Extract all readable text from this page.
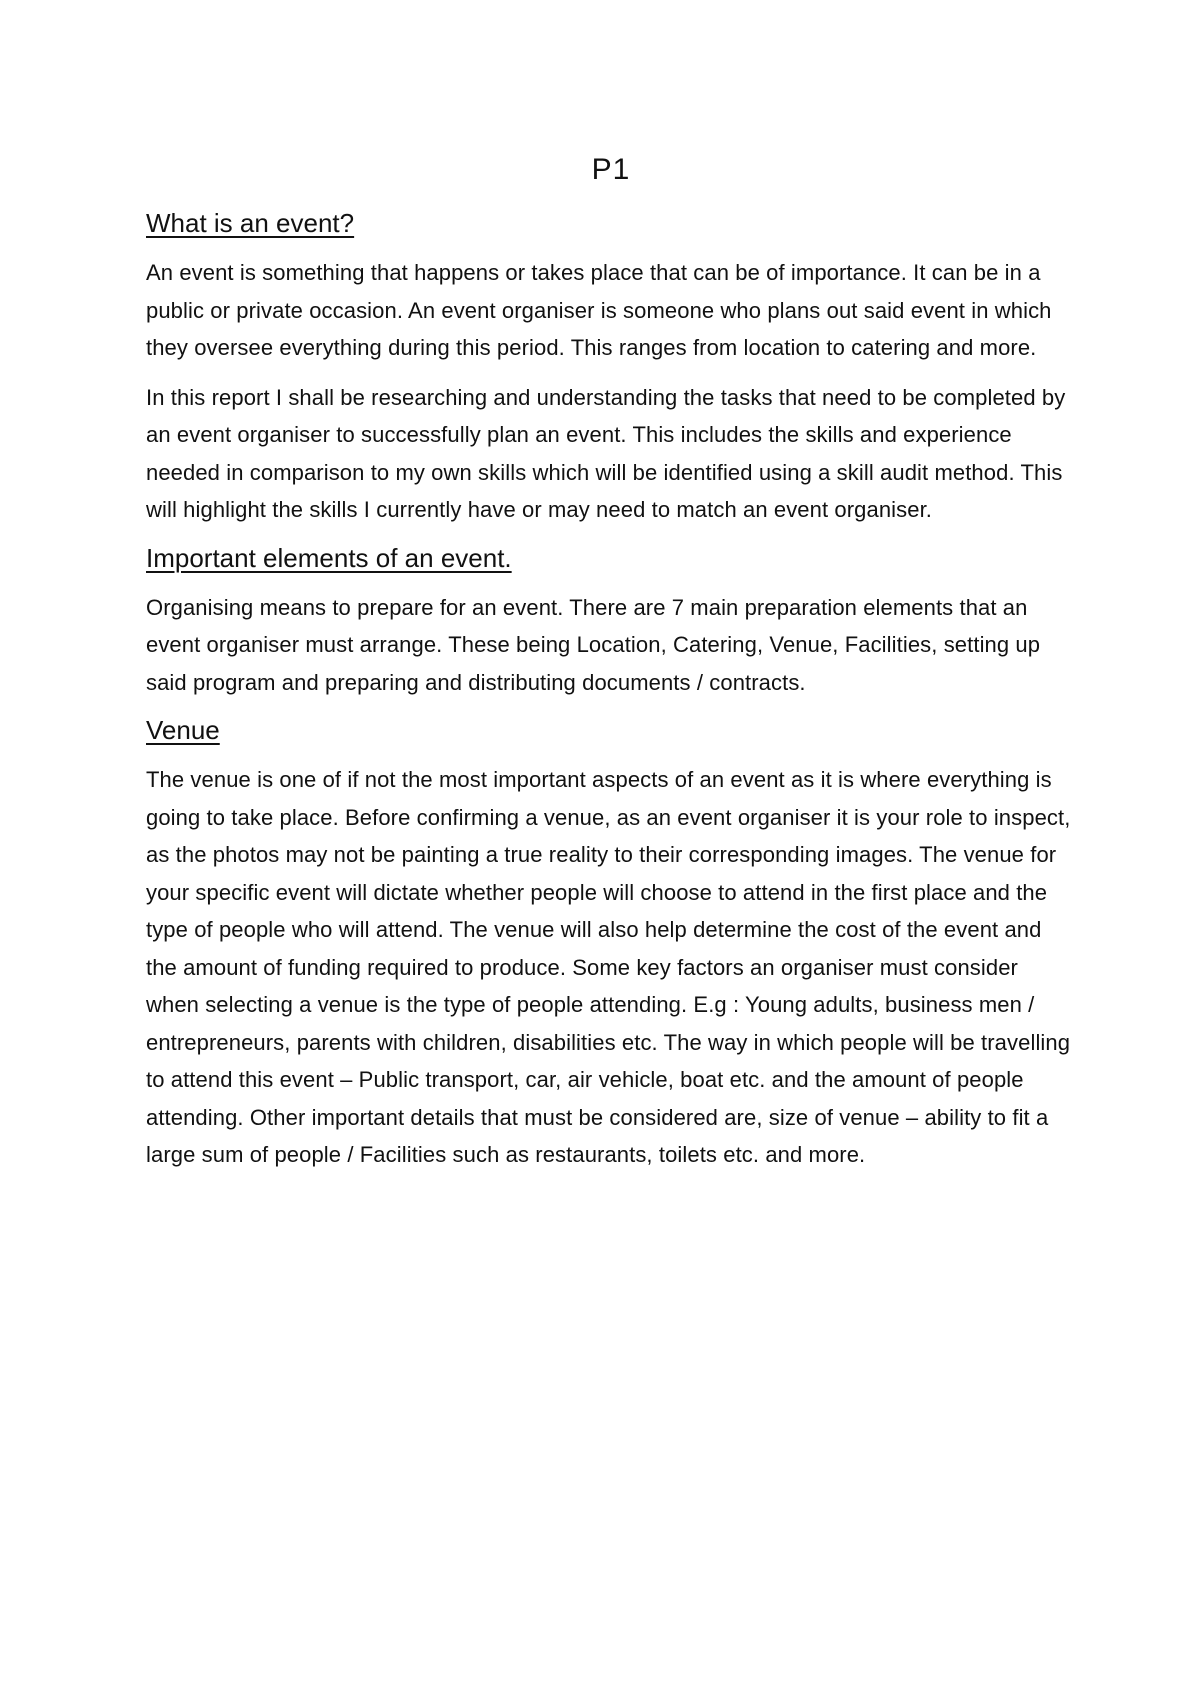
P1
What is an event?

An event is something that happens or takes place that can be of importance. It can be in a public or private occasion. An event organiser is someone who plans out said event in which they oversee everything during this period. This ranges from location to catering and more.

In this report I shall be researching and understanding the tasks that need to be completed by an event organiser to successfully plan an event. This includes the skills and experience needed in comparison to my own skills which will be identified using a skill audit method. This will highlight the skills I currently have or may need to match an event organiser.

Important elements of an event.

Organising means to prepare for an event. There are 7 main preparation elements that an event organiser must arrange. These being Location, Catering, Venue, Facilities, setting up said program and preparing and distributing documents / contracts.

Venue

The venue is one of if not the most important aspects of an event as it is where everything is going to take place. Before confirming a venue, as an event organiser it is your role to inspect, as the photos may not be painting a true reality to their corresponding images. The venue for your specific event will dictate whether people will choose to attend in the first place and the type of people who will attend. The venue will also help determine the cost of the event and the amount of funding required to produce. Some key factors an organiser must consider when selecting a venue is the type of people attending. E.g : Young adults, business men / entrepreneurs, parents with children, disabilities etc. The way in which people will be travelling to attend this event – Public transport, car, air vehicle, boat etc. and the amount of people attending. Other important details that must be considered are, size of venue – ability to fit a large sum of people / Facilities such as restaurants, toilets etc. and more.
